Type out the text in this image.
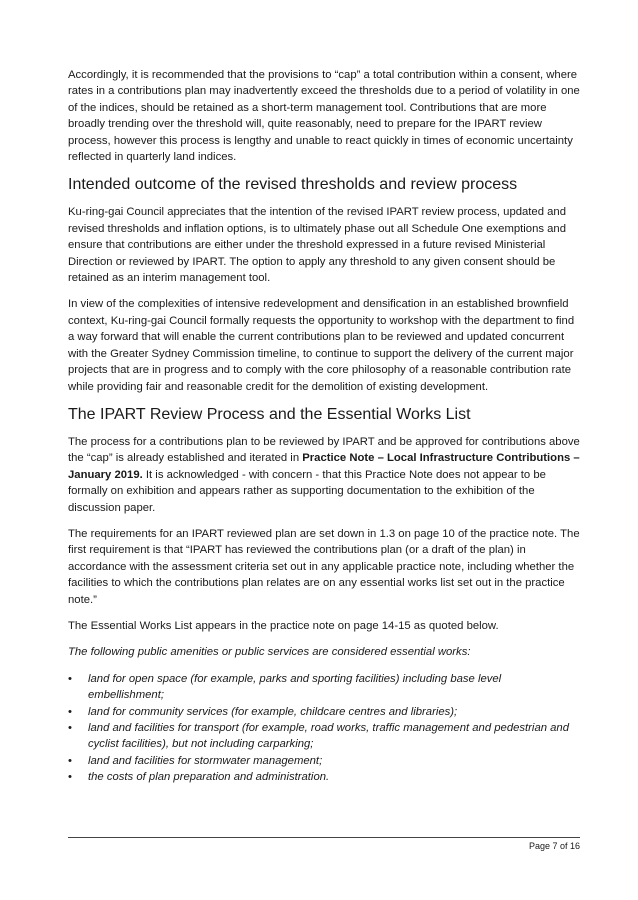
Accordingly, it is recommended that the provisions to “cap” a total contribution within a consent, where rates in a contributions plan may inadvertently exceed the thresholds due to a period of volatility in one of the indices, should be retained as a short-term management tool. Contributions that are more broadly trending over the threshold will, quite reasonably, need to prepare for the IPART review process, however this process is lengthy and unable to react quickly in times of economic uncertainty reflected in quarterly land indices.

Intended outcome of the revised thresholds and review process

Ku-ring-gai Council appreciates that the intention of the revised IPART review process, updated and revised thresholds and inflation options, is to ultimately phase out all Schedule One exemptions and ensure that contributions are either under the threshold expressed in a future revised Ministerial Direction or reviewed by IPART. The option to apply any threshold to any given consent should be retained as an interim management tool.

In view of the complexities of intensive redevelopment and densification in an established brownfield context, Ku-ring-gai Council formally requests the opportunity to workshop with the department to find a way forward that will enable the current contributions plan to be reviewed and updated concurrent with the Greater Sydney Commission timeline, to continue to support the delivery of the current major projects that are in progress and to comply with the core philosophy of a reasonable contribution rate while providing fair and reasonable credit for the demolition of existing development.

The IPART Review Process and the Essential Works List

The process for a contributions plan to be reviewed by IPART and be approved for contributions above the “cap” is already established and iterated in Practice Note – Local Infrastructure Contributions – January 2019. It is acknowledged - with concern - that this Practice Note does not appear to be formally on exhibition and appears rather as supporting documentation to the exhibition of the discussion paper.

The requirements for an IPART reviewed plan are set down in 1.3 on page 10 of the practice note. The first requirement is that “IPART has reviewed the contributions plan (or a draft of the plan) in accordance with the assessment criteria set out in any applicable practice note, including whether the facilities to which the contributions plan relates are on any essential works list set out in the practice note.”

The Essential Works List appears in the practice note on page 14-15 as quoted below.

The following public amenities or public services are considered essential works:

• land for open space (for example, parks and sporting facilities) including base level embellishment;
• land for community services (for example, childcare centres and libraries);
• land and facilities for transport (for example, road works, traffic management and pedestrian and cyclist facilities), but not including carparking;
• land and facilities for stormwater management;
• the costs of plan preparation and administration.
Page 7 of 16
